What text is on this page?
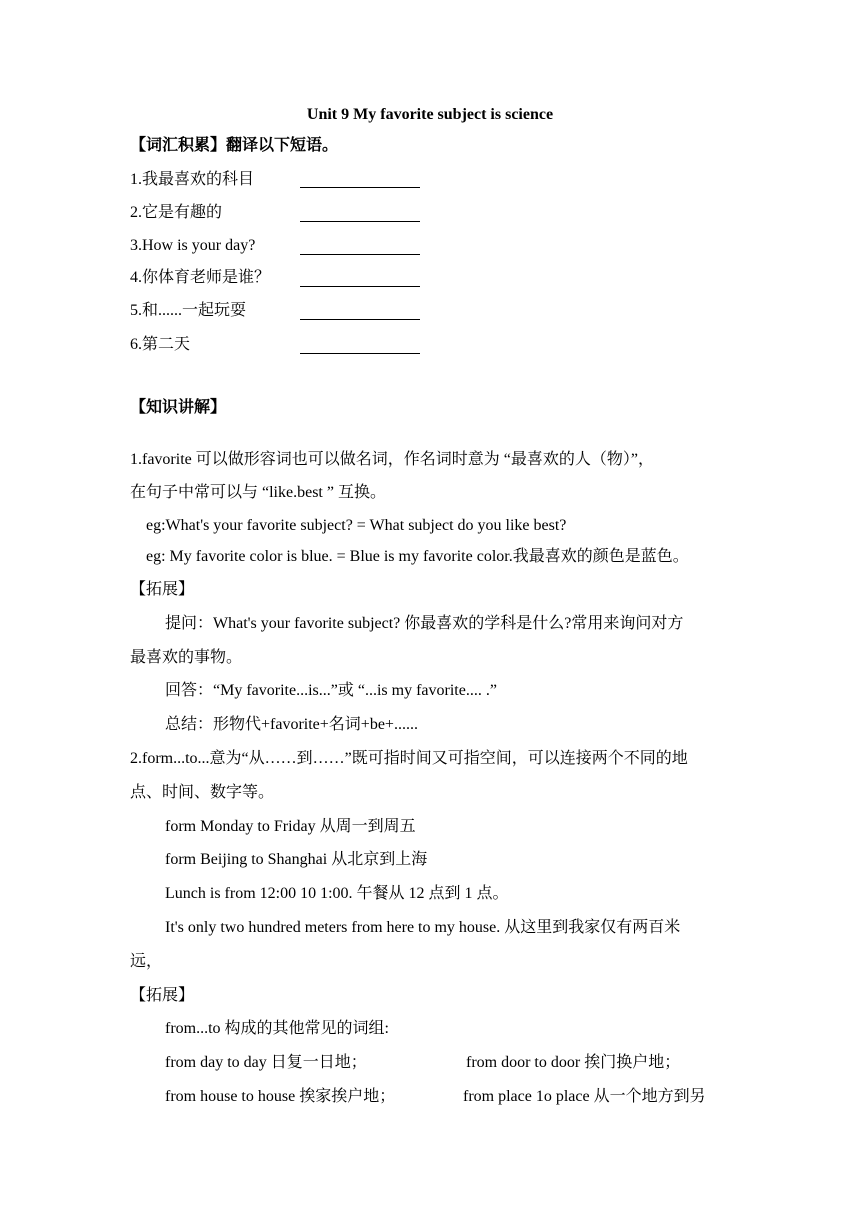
Unit 9 My favorite subject is science
【词汇积累】翻译以下短语。
1.我最喜欢的科目
2.它是有趣的
3.How is your day?
4.你体育老师是谁？
5.和......一起玩耍
6.第二天
【知识讲解】
1.favorite 可以做形容词也可以做名词，作名词时意为 “最喜欢的人（物）”，
在句子中常可以与 “like.best ” 互换。
eg:What's your favorite subject? = What subject do you like best?
eg: My favorite color is blue. = Blue is my favorite color.我最喜欢的颜色是蓝色。
【拓展】
提问：What's your favorite subject? 你最喜欢的学科是什么?常用来询问对方
最喜欢的事物。
回答：“My favorite...is...”或 “...is my favorite.... .”
总结：形物代+favorite+名词+be+......
2.form...to...意为“从……到……”既可指时间又可指空间，可以连接两个不同的地
点、时间、数字等。
form Monday to Friday 从周一到周五
form Beijing to Shanghai 从北京到上海
Lunch is from 12:00 10 1:00. 午餐从 12 点到 1 点。
It's only two hundred meters from here to my house. 从这里到我家仅有两百米
远，
【拓展】
from...to 构成的其他常见的词组:
from day to day 日复一日地；	from door to door 挨门换户地；
from house to house 挨家挨户地；	from place 1o place 从一个地方到另
